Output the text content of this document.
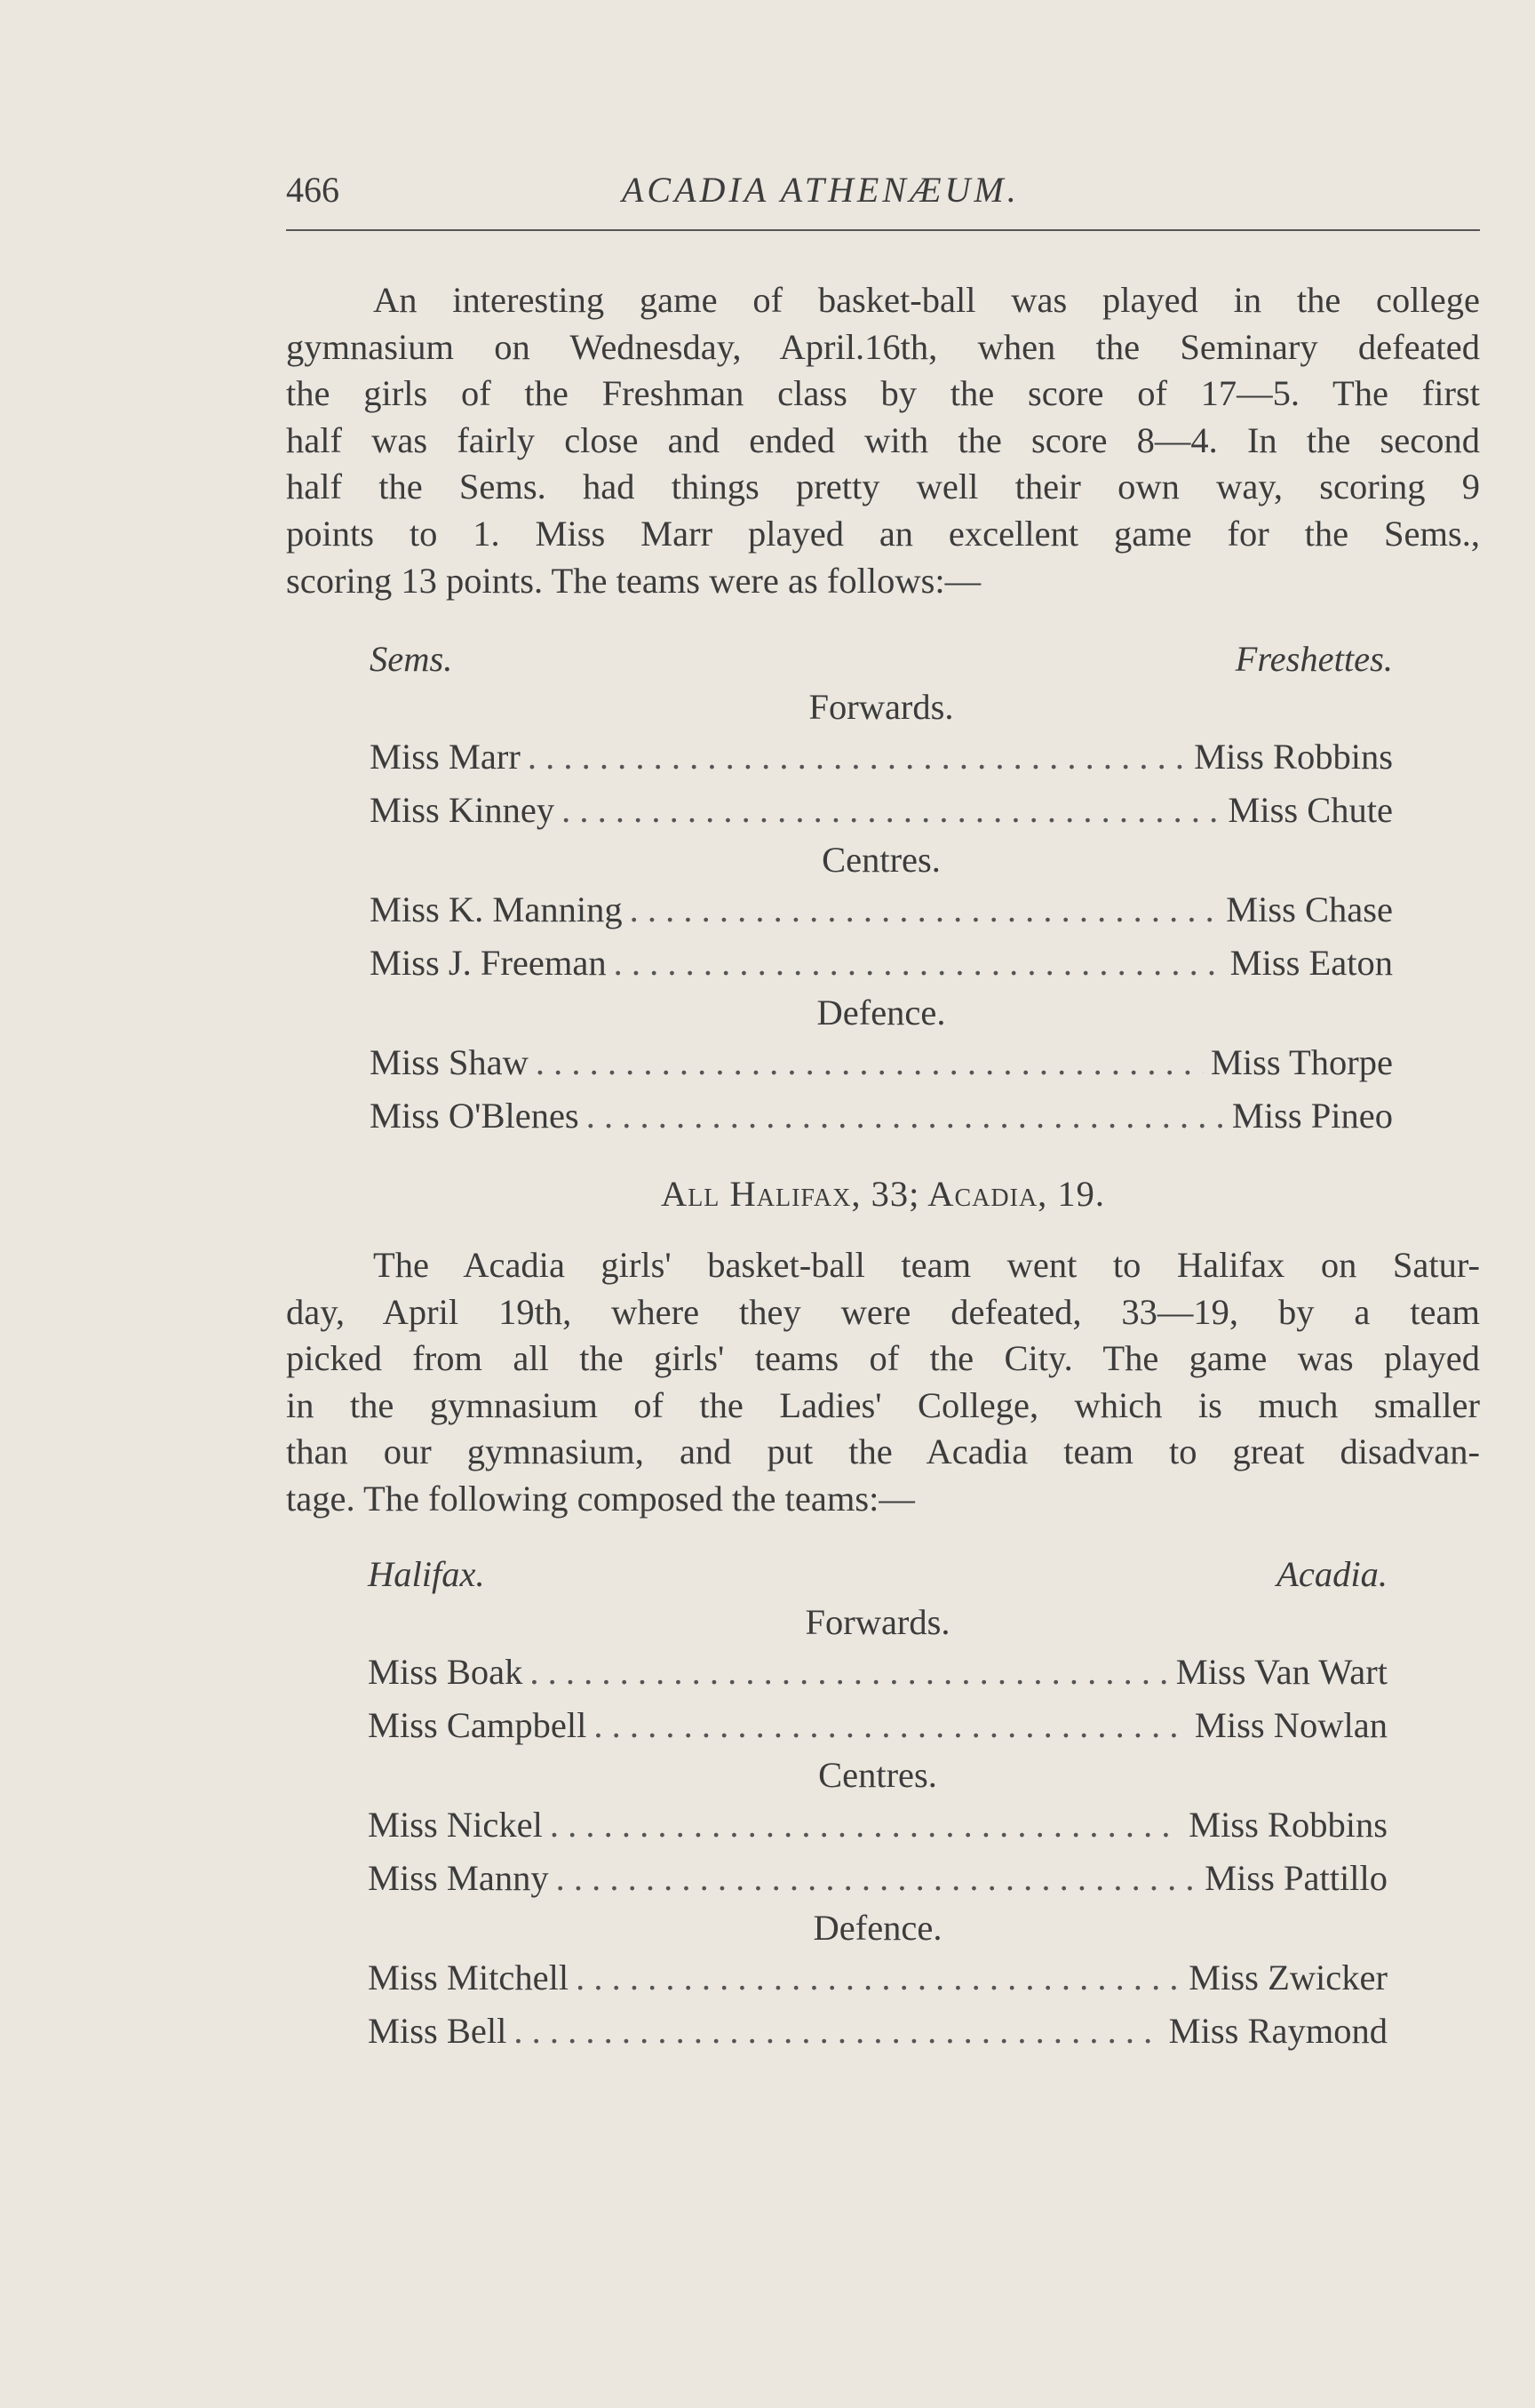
466	ACADIA ATHENÆUM.

An interesting game of basket-ball was played in the college
gymnasium on Wednesday, April.16th, when the Seminary defeated
the girls of the Freshman class by the score of 17—5. The first
half was fairly close and ended with the score 8—4. In the second
half the Sems. had things pretty well their own way, scoring 9
points to 1. Miss Marr played an excellent game for the Sems.,
scoring 13 points. The teams were as follows:—

Sems.	Freshettes.
Forwards.
Miss Marr . . .	Miss Robbins
Miss Kinney . . .	Miss Chute
Centres.
Miss K. Manning . . .	Miss Chase
Miss J. Freeman . . .	Miss Eaton
Defence.
Miss Shaw . . .	Miss Thorpe
Miss O'Blenes . . .	Miss Pineo
All Halifax, 33; Acadia, 19.

The Acadia girls' basket-ball team went to Halifax on Satur-
day, April 19th, where they were defeated, 33—19, by a team
picked from all the girls' teams of the City. The game was played
in the gymnasium of the Ladies' College, which is much smaller
than our gymnasium, and put the Acadia team to great disadvan-
tage. The following composed the teams:—

Halifax.	Acadia.
Forwards.
Miss Boak . . .	Miss Van Wart
Miss Campbell . . .	Miss Nowlan
Centres.
Miss Nickel . . .	Miss Robbins
Miss Manny . . .	Miss Pattillo
Defence.
Miss Mitchell . . .	Miss Zwicker
Miss Bell . . .	Miss Raymond
